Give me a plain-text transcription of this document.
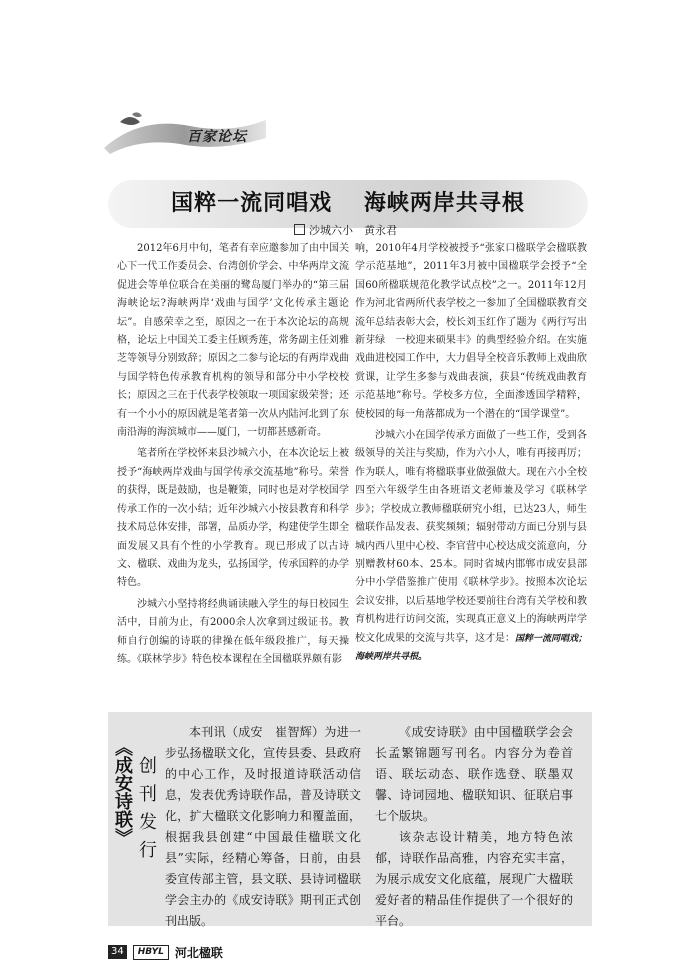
百家论坛
国粹一流同唱戏　 海峡两岸共寻根
沙城六小　黄永君

2012年6月中旬，笔者有幸应邀参加了由中国关心下一代工作委员会、台湾创价学会、中华两岸文流促进会等单位联合在美丽的鹭岛厦门举办的“第三届海峡论坛?海峡两岸‘戏曲与国学’文化传承主题论坛”。自感荣幸之至，原因之一在于本次论坛的高规格，论坛上中国关工委主任顾秀莲，常务副主任刘雅芝等领导分别致辞；原因之二参与论坛的有两岸戏曲与国学特色传承教育机构的领导和部分中小学校校长；原因之三在于代表学校领取一项国家级荣誉；还有一个小小的原因就是笔者第一次从内陆河北到了东南沿海的海滨城市——厦门，一切都甚感新奇。

笔者所在学校怀来县沙城六小，在本次论坛上被授予“海峡两岸戏曲与国学传承交流基地”称号。荣誉的获得，既是鼓励，也是鞭策，同时也是对学校国学传承工作的一次小结；近年沙城六小按县教育和科学技术局总体安排，部署，品质办学，构建使学生即全面发展又具有个性的小学教育。现已形成了以古诗文、楹联、戏曲为龙头，弘扬国学，传承国粹的办学特色。

沙城六小坚持将经典诵读融入学生的每日校园生活中，目前为止，有2000余人次拿到过级证书。教师自行创编的诗联的律操在低年级段推广，每天操练。《联林学步》特色校本课程在全国楹联界颇有影

响，2010年4月学校被授予“张家口楹联学会楹联教学示范基地”，2011年3月被中国楹联学会授予“全国60所楹联规范化教学试点校”之一。2011年12月作为河北省两所代表学校之一参加了全国楹联教育交流年总结表彰大会，校长刘玉红作了题为《两行写出新芽绿　一校迎来硕果丰》的典型经验介绍。在实施戏曲进校园工作中，大力倡导全校音乐教师上戏曲欣赏课，让学生多参与戏曲表演，获县“传统戏曲教育示范基地”称号。学校多方位，全面渗透国学精粹，使校园的每一角落都成为一个潜在的“国学课堂”。

沙城六小在国学传承方面做了一些工作，受到各级领导的关注与奖励，作为六小人，唯有再接再厉；作为联人，唯有将楹联事业做强做大。现在六小全校四至六年级学生由各班语文老师兼及学习《联林学步》；学校成立教师楹联研究小组，已达23人，师生楹联作品发表、获奖频频；辐射带动方面已分别与县城内西八里中心校、李官营中心校达成交流意向，分别赠教材60本、25本。同时省城内邯郸市成安县部分中小学借鉴推广使用《联林学步》。按照本次论坛会议安排，以后基地学校还要前往台湾有关学校和教育机构进行访问交流，实现真正意义上的海峡两岸学校文化成果的交流与共享，这才是：国粹一流同唱戏；海峡两岸共寻根。

《成安诗联》 创刊发行

本刊讯（成安　崔智辉）为进一步弘扬楹联文化，宣传县委、县政府的中心工作，及时报道诗联活动信息，发表优秀诗联作品，普及诗联文化，扩大楹联文化影响力和覆盖面，根据我县创建“中国最佳楹联文化县”实际，经精心筹备，日前，由县委宣传部主管，县文联、县诗词楹联学会主办的《成安诗联》期刊正式创刊出版。

《成安诗联》由中国楹联学会会长孟繁锦题写刊名。内容分为卷首语、联坛动态、联作选登、联墨双馨、诗词园地、楹联知识、征联启事七个版块。

该杂志设计精美，地方特色浓郁，诗联作品高雅，内容充实丰富，为展示成安文化底蕴，展现广大楹联爱好者的精品佳作提供了一个很好的平台。

34	HBYL 河北楹联
